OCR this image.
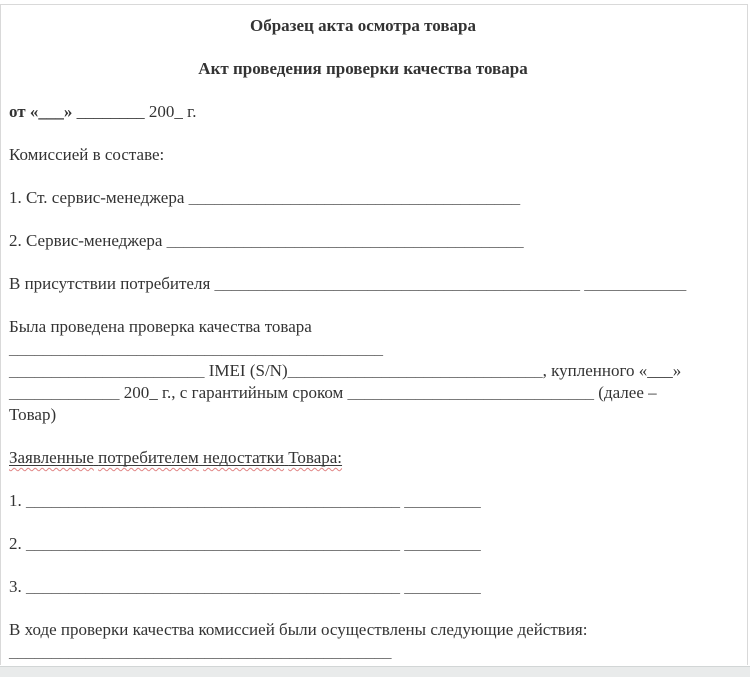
Образец акта осмотра товара

Акт проведения проверки качества товара

от «___» ________ 200_ г.

Комиссией в составе:

1. Ст. сервис-менеджера _______________________________________

2. Сервис-менеджера __________________________________________

В присутствии потребителя ___________________________________________ ____________

Была проведена проверка качества товара
____________________________________________
_______________________ IMEI (S/N)______________________________, купленного «___»
_____________ 200_ г., с гарантийным сроком _____________________________ (далее –
Товар)

Заявленные потребителем недостатки Товара:

1. ____________________________________________ _________

2. ____________________________________________ _________

3. ____________________________________________ _________

В ходе проверки качества комиссией были осуществлены следующие действия:
_____________________________________________
